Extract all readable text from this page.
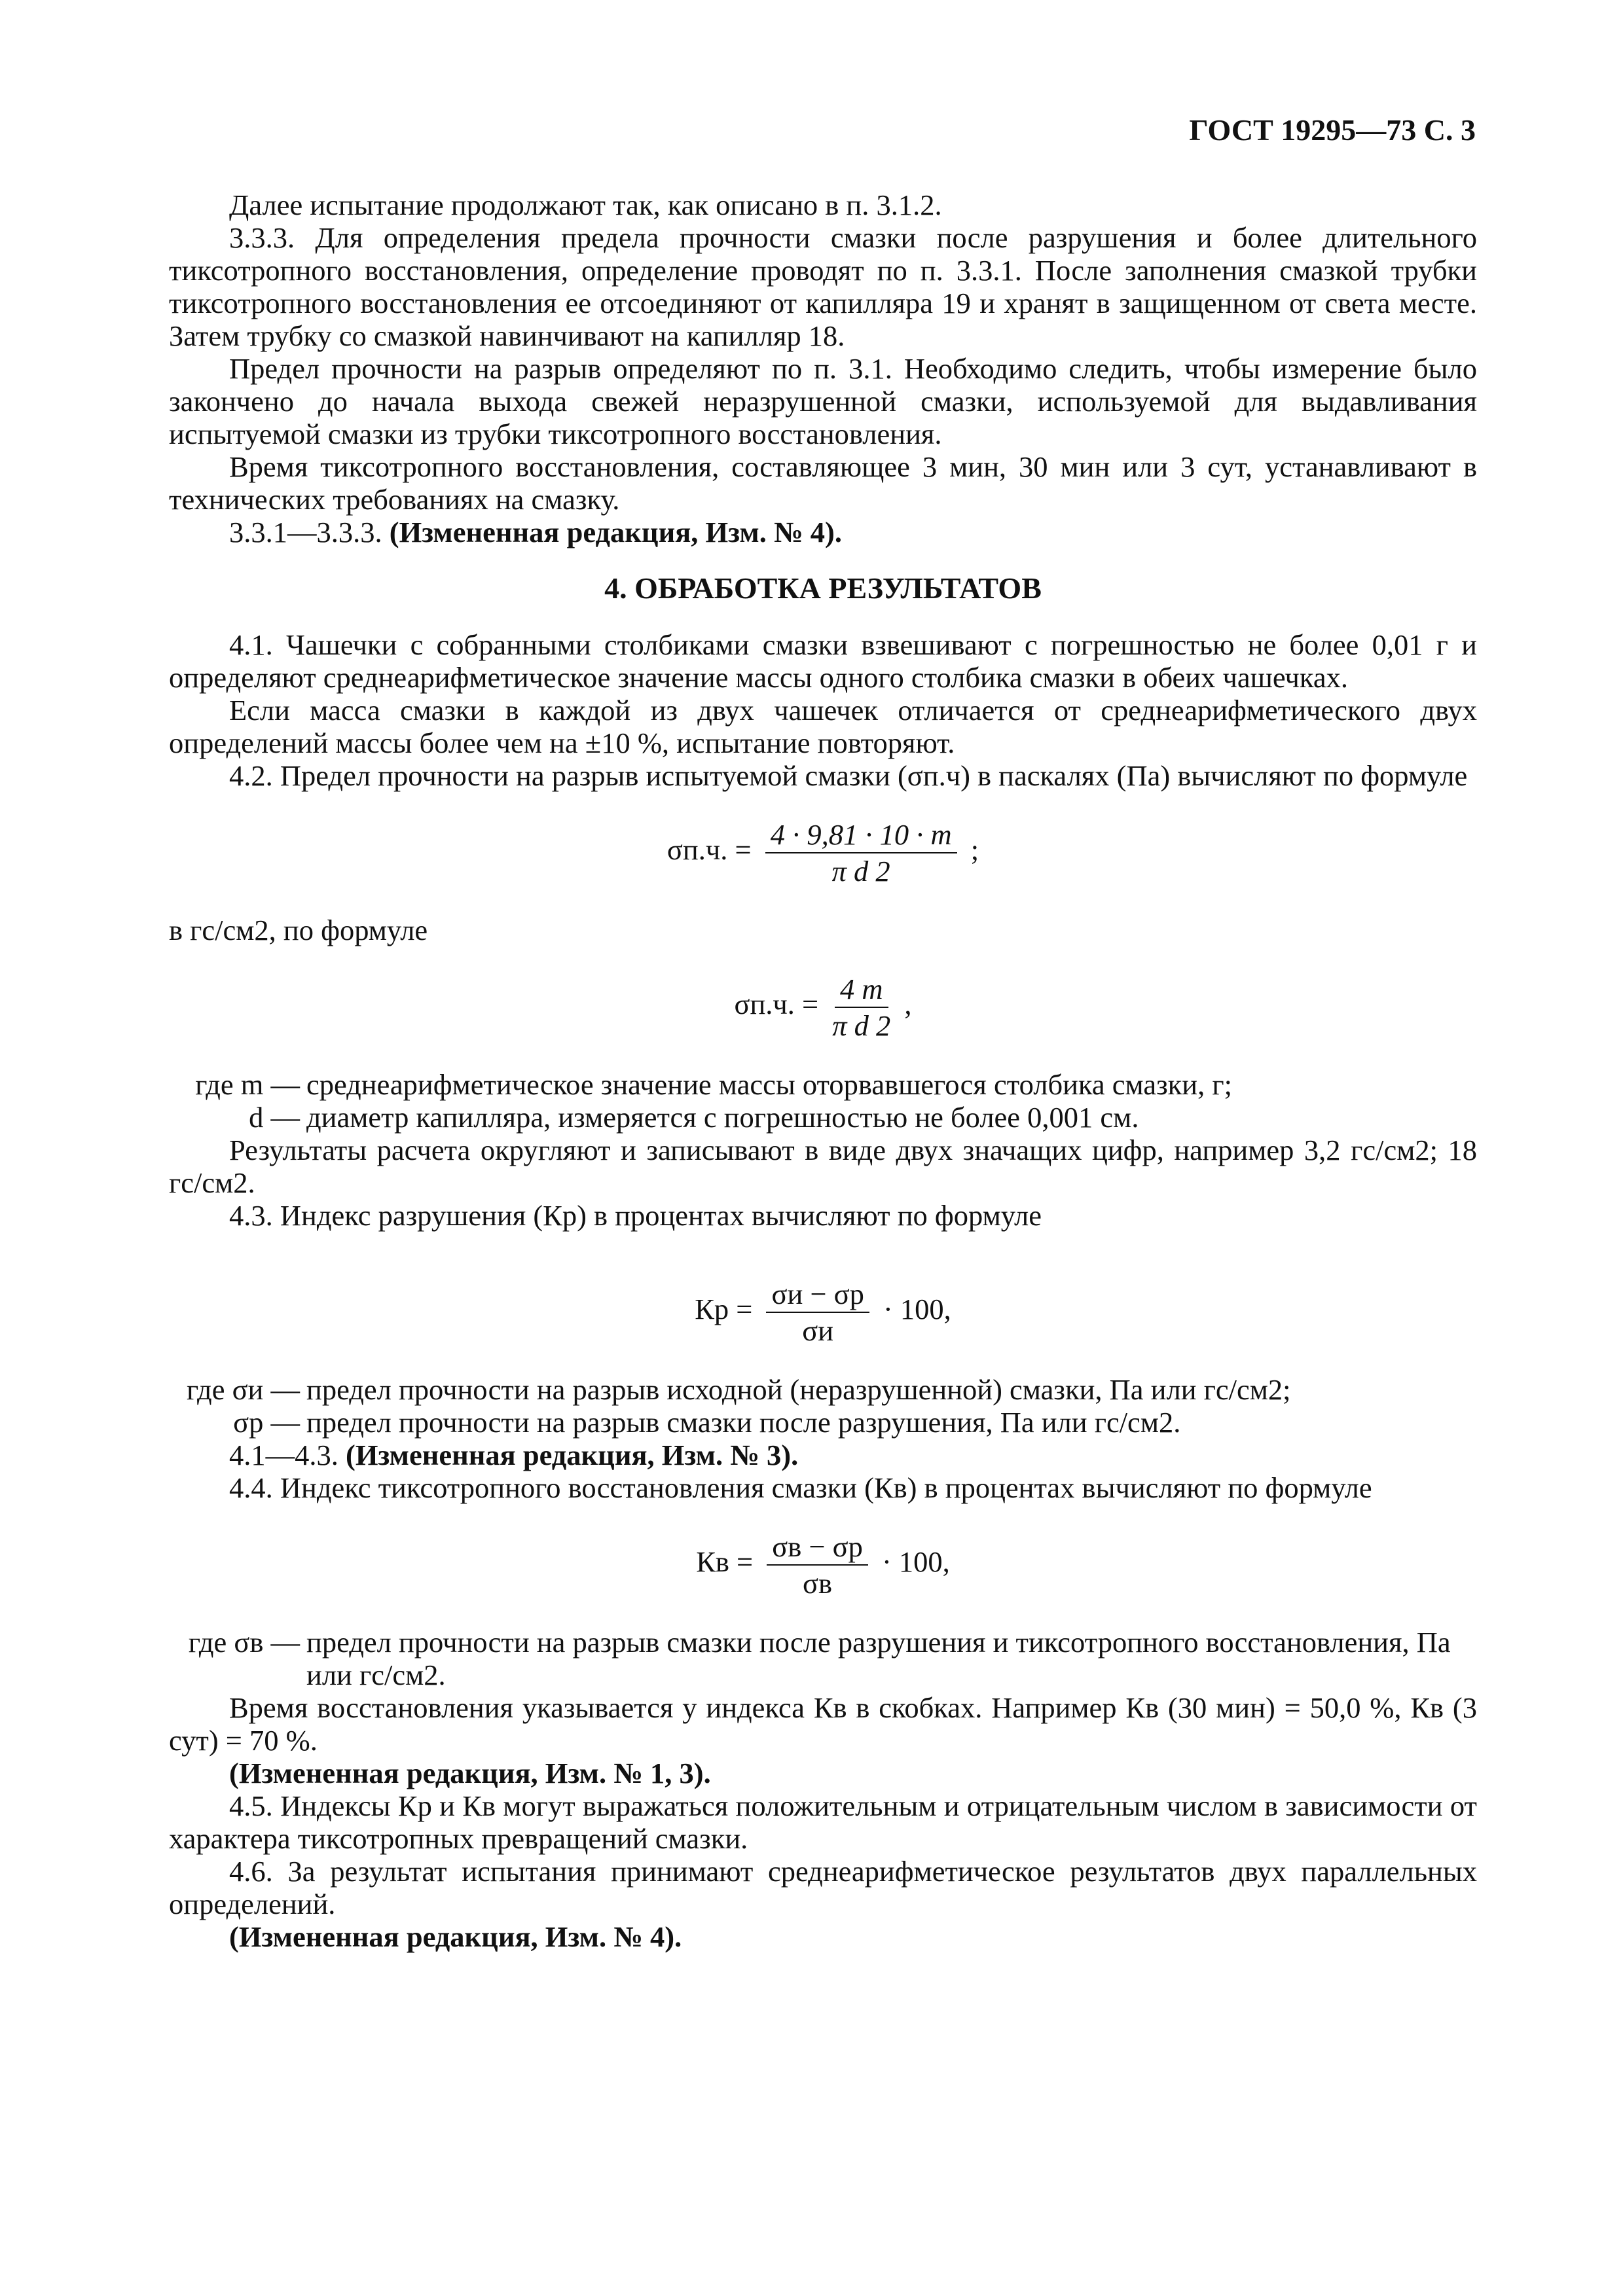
ГОСТ 19295—73 С. 3

Далее испытание продолжают так, как описано в п. 3.1.2.

3.3.3. Для определения предела прочности смазки после разрушения и более длительного тиксотропного восстановления, определение проводят по п. 3.3.1. После заполнения смазкой трубки тиксотропного восстановления ее отсоединяют от капилляра 19 и хранят в защищенном от света месте. Затем трубку со смазкой навинчивают на капилляр 18.

Предел прочности на разрыв определяют по п. 3.1. Необходимо следить, чтобы измерение было закончено до начала выхода свежей неразрушенной смазки, используемой для выдавливания испытуемой смазки из трубки тиксотропного восстановления.

Время тиксотропного восстановления, составляющее 3 мин, 30 мин или 3 сут, устанавливают в технических требованиях на смазку.

3.3.1—3.3.3. (Измененная редакция, Изм. № 4).

4. ОБРАБОТКА РЕЗУЛЬТАТОВ

4.1. Чашечки с собранными столбиками смазки взвешивают с погрешностью не более 0,01 г и определяют среднеарифметическое значение массы одного столбика смазки в обеих чашечках.

Если масса смазки в каждой из двух чашечек отличается от среднеарифметического двух определений массы более чем на ±10 %, испытание повторяют.

4.2. Предел прочности на разрыв испытуемой смазки (σп.ч) в паскалях (Па) вычисляют по формуле

σп.ч. = $\frac{4 \cdot 9,81 \cdot 10 \cdot m}{\text{π d 2}}$ ;

в гс/см2, по формуле

σп.ч. = $\frac{4 m}{\text{π d 2}}$ ,
где m — среднеарифметическое значение массы оторвавшегося столбика смазки, г;
d — диаметр капилляра, измеряется с погрешностью не более 0,001 см.

Результаты расчета округляют и записывают в виде двух значащих цифр, например 3,2 гс/см2; 18 гс/см2.

4.3. Индекс разрушения (Кр) в процентах вычисляют по формуле

Кр = $\frac{\sigma и - \sigma р}{\sigma и} \cdot 100$,
где σи — предел прочности на разрыв исходной (неразрушенной) смазки, Па или гс/см2;
σр — предел прочности на разрыв смазки после разрушения, Па или гс/см2.

4.1—4.3. (Измененная редакция, Изм. № 3).

4.4. Индекс тиксотропного восстановления смазки (Кв) в процентах вычисляют по формуле

Кв = $\frac{\sigma в - \sigma р}{\sigma в} \cdot 100$,
где σв — предел прочности на разрыв смазки после разрушения и тиксотропного восстановления, Па или гс/см2.

Время восстановления указывается у индекса Кв в скобках. Например Кв (30 мин) = 50,0 %, Кв (3 сут) = 70 %.

(Измененная редакция, Изм. № 1, 3).

4.5. Индексы Кр и Кв могут выражаться положительным и отрицательным числом в зависимости от характера тиксотропных превращений смазки.

4.6. За результат испытания принимают среднеарифметическое результатов двух параллельных определений.

(Измененная редакция, Изм. № 4).
